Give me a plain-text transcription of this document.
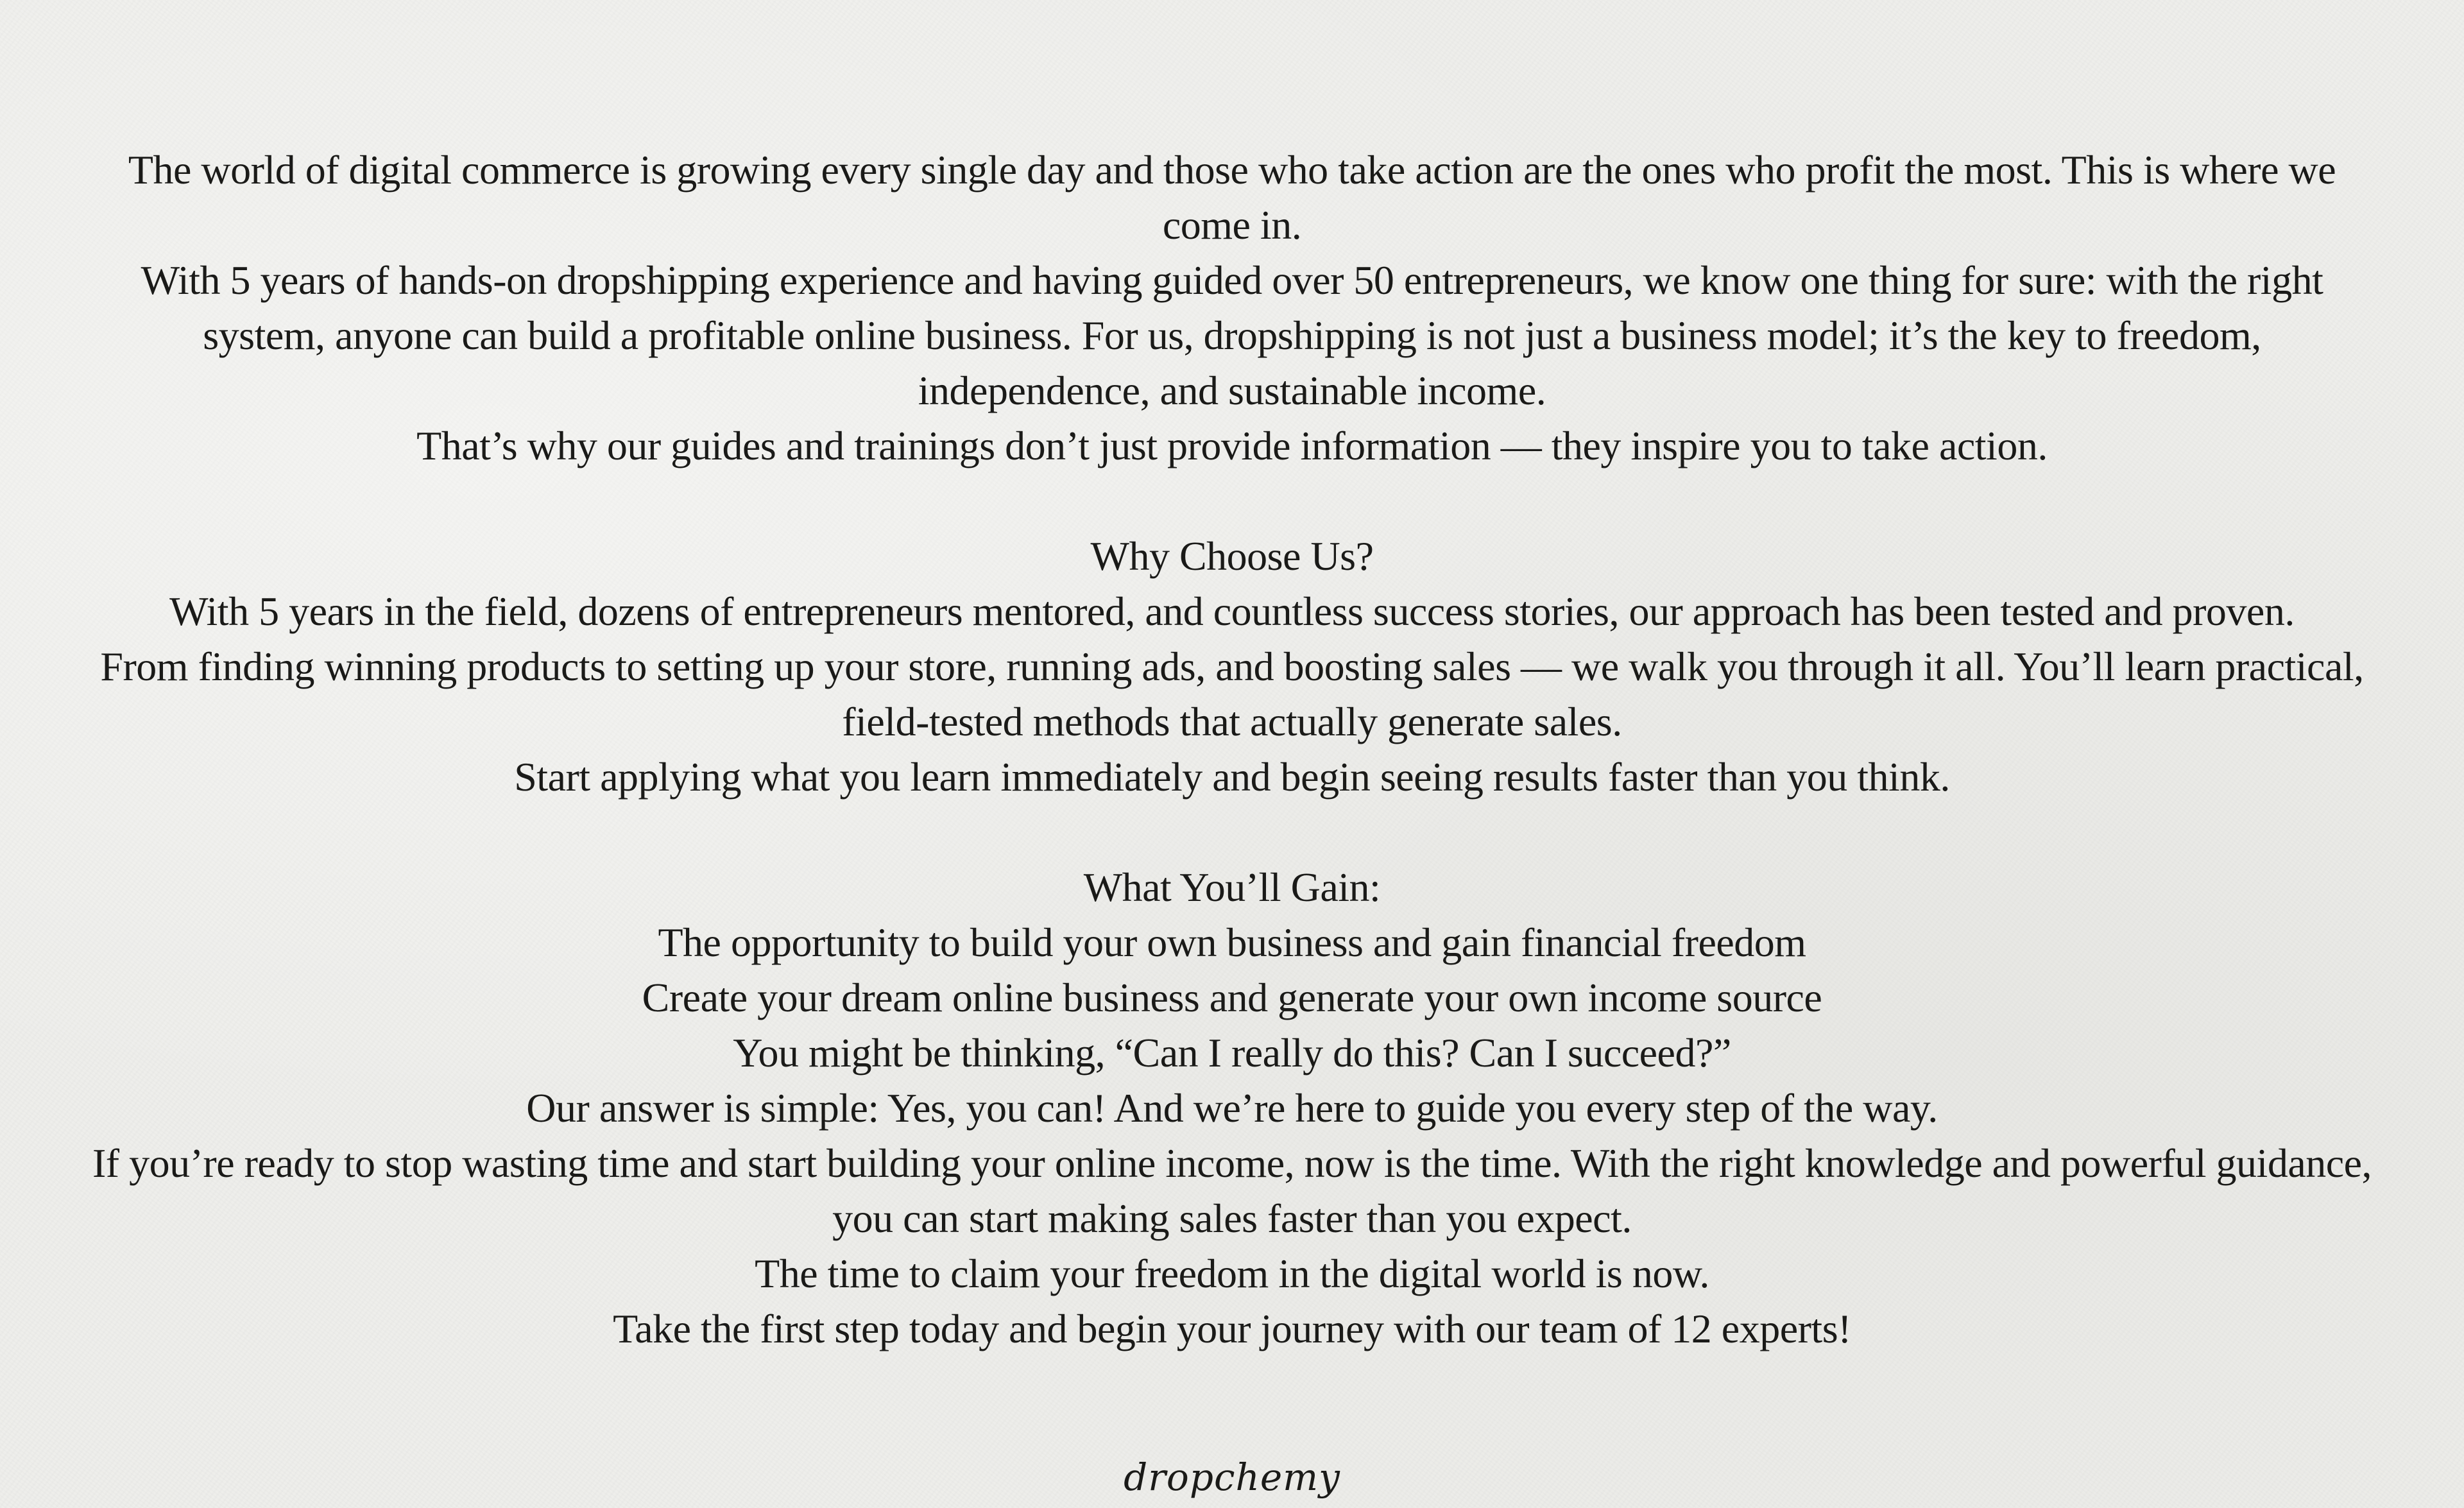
The world of digital commerce is growing every single day and those who take action are the ones who profit the most. This is where we
come in.
With 5 years of hands-on dropshipping experience and having guided over 50 entrepreneurs, we know one thing for sure: with the right
system, anyone can build a profitable online business. For us, dropshipping is not just a business model; it’s the key to freedom,
independence, and sustainable income.
That’s why our guides and trainings don’t just provide information — they inspire you to take action.

Why Choose Us?
With 5 years in the field, dozens of entrepreneurs mentored, and countless success stories, our approach has been tested and proven.
From finding winning products to setting up your store, running ads, and boosting sales — we walk you through it all. You’ll learn practical,
field-tested methods that actually generate sales.
Start applying what you learn immediately and begin seeing results faster than you think.

What You’ll Gain:
The opportunity to build your own business and gain financial freedom
Create your dream online business and generate your own income source
You might be thinking, “Can I really do this? Can I succeed?”
Our answer is simple: Yes, you can! And we’re here to guide you every step of the way.
If you’re ready to stop wasting time and start building your online income, now is the time. With the right knowledge and powerful guidance,
you can start making sales faster than you expect.
The time to claim your freedom in the digital world is now.
Take the first step today and begin your journey with our team of 12 experts!

dropchemy
